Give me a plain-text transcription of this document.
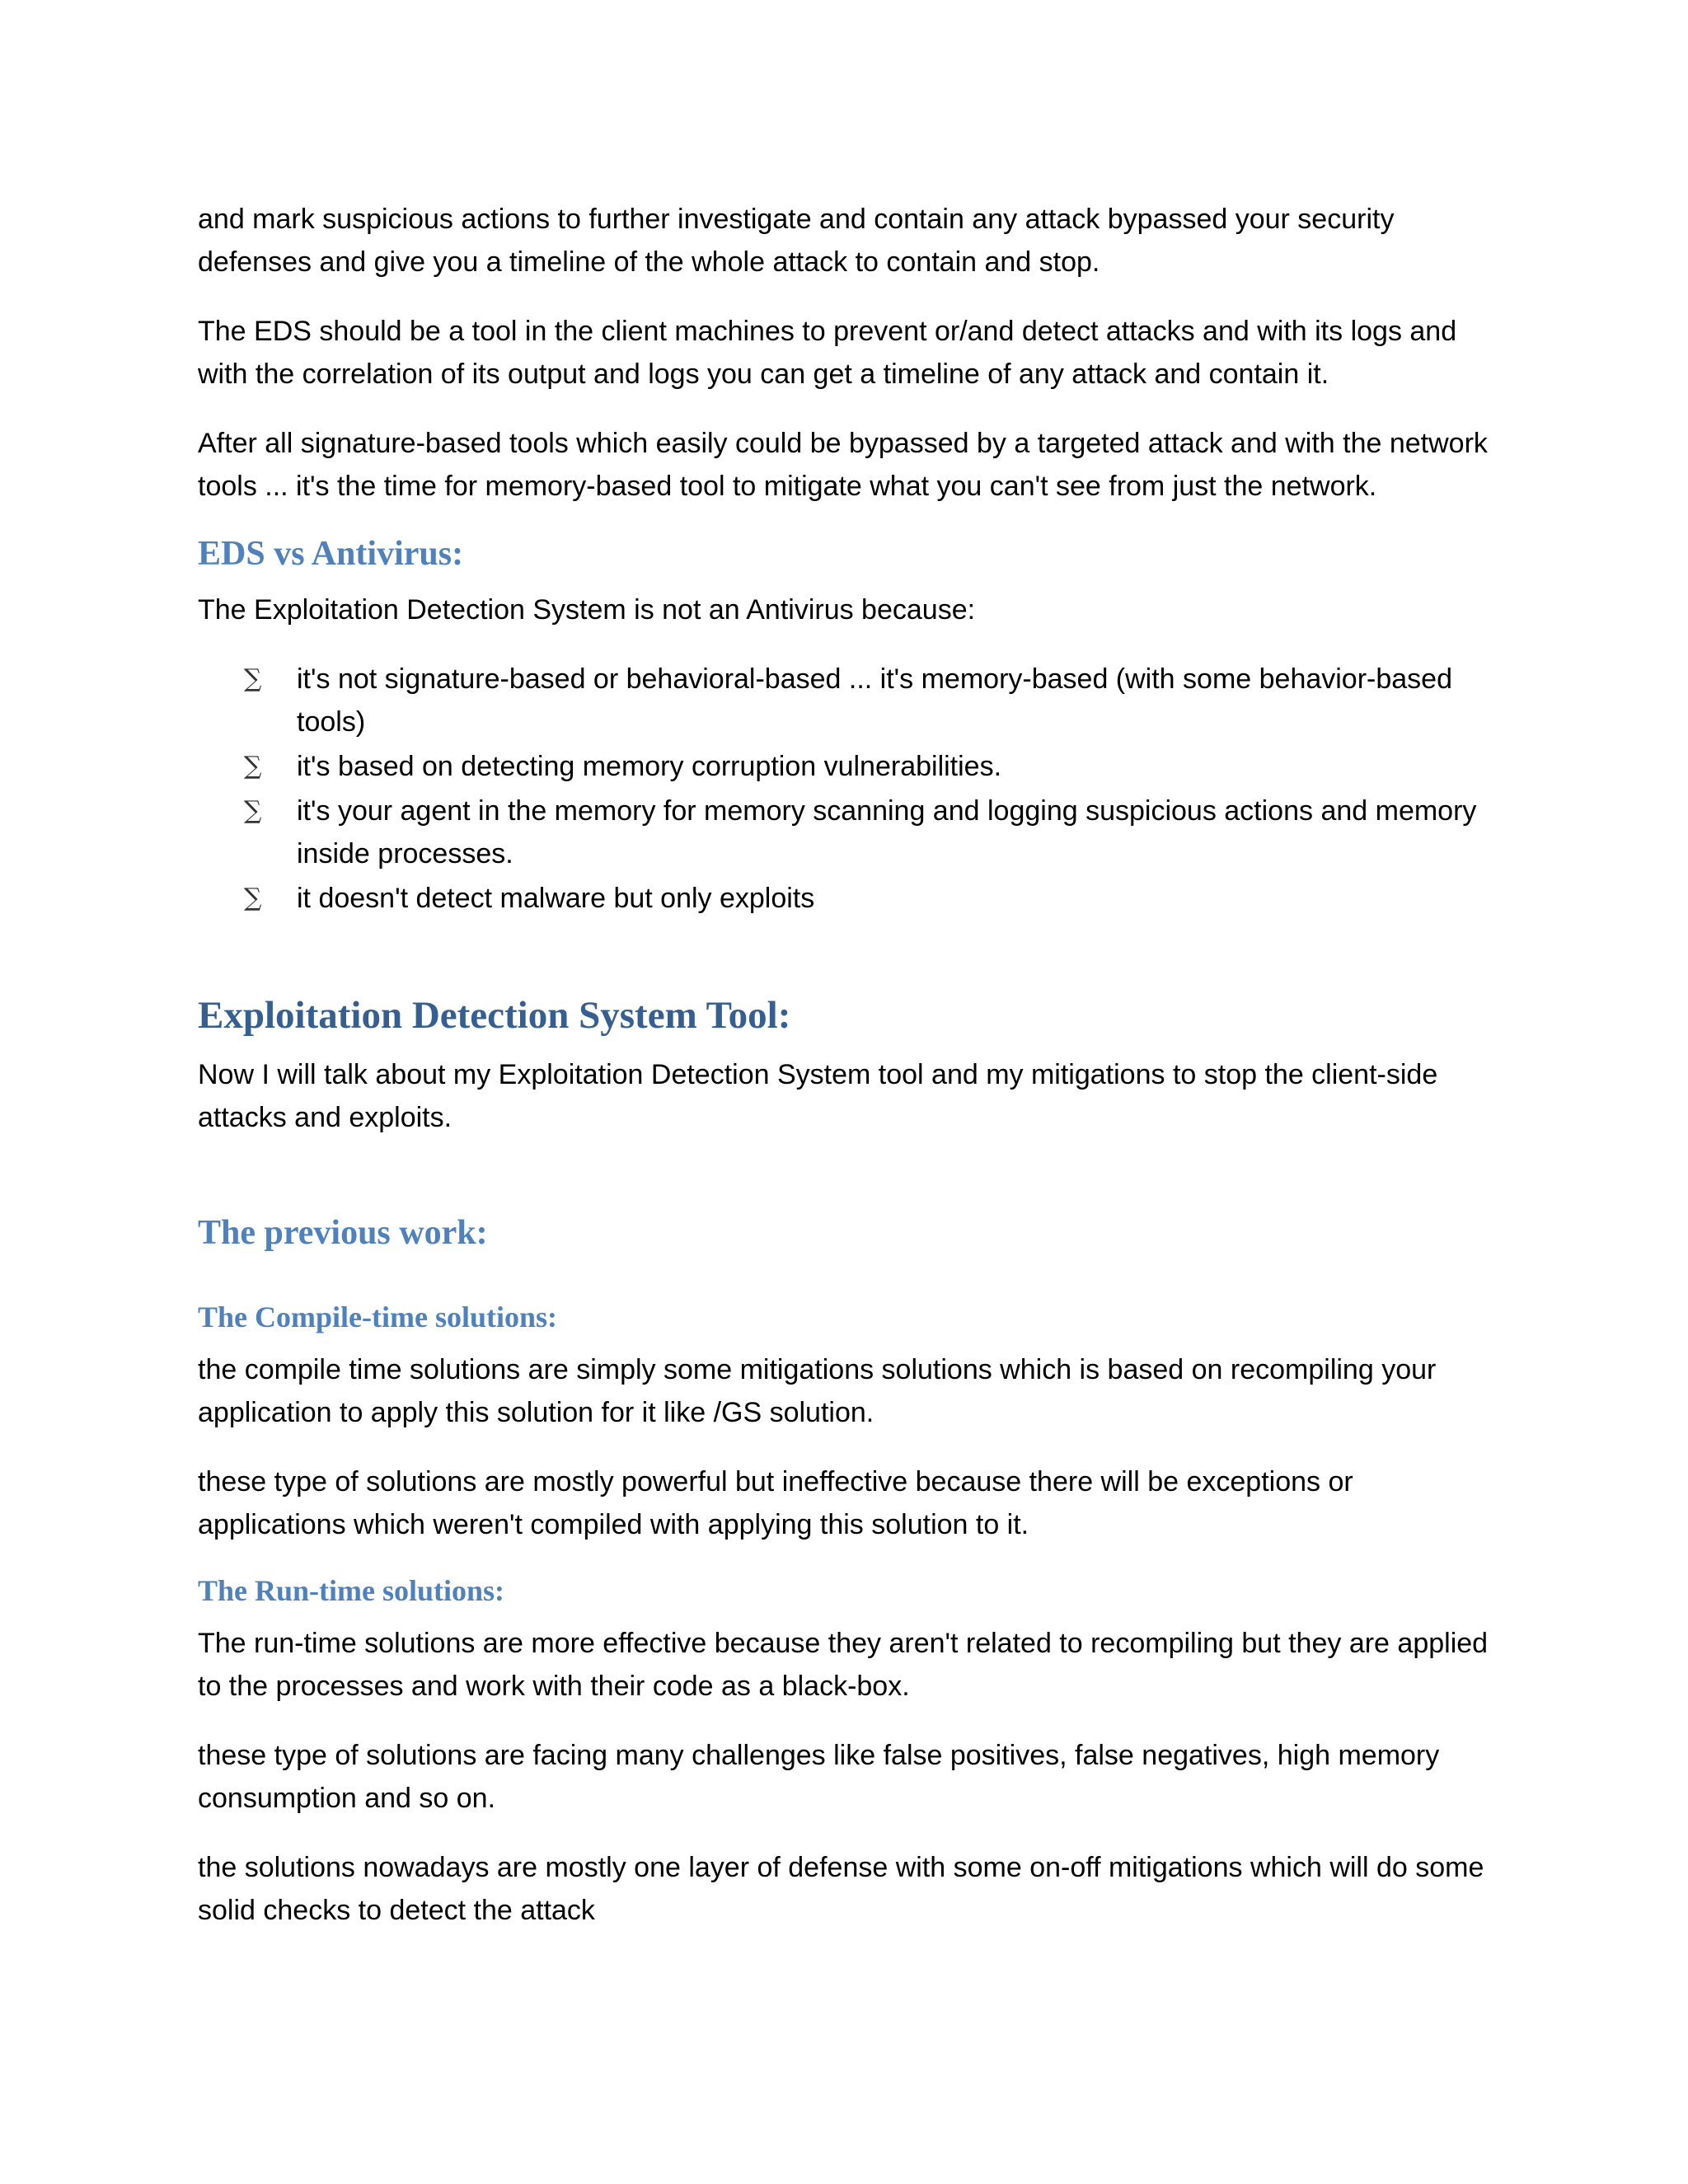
and mark suspicious actions to further investigate and contain any attack bypassed your security defenses and give you a timeline of the whole attack to contain and stop.

The EDS should be a tool in the client machines to prevent or/and detect attacks and with its logs and with the correlation of its output and logs you can get a timeline of any attack and contain it.

After all signature-based tools which easily could be bypassed by a targeted attack and with the network tools ... it's the time for memory-based tool to mitigate what you can't see from just the network.

EDS vs Antivirus:

The Exploitation Detection System is not an Antivirus because:

∑ it's not signature-based or behavioral-based ... it's memory-based (with some behavior-based tools)
∑ it's based on detecting memory corruption vulnerabilities.
∑ it's your agent in the memory for memory scanning and logging suspicious actions and memory inside processes.
∑ it doesn't detect malware but only exploits
Exploitation Detection System Tool:

Now I will talk about my Exploitation Detection System tool and my mitigations to stop the client-side attacks and exploits.

The previous work:
The Compile-time solutions:

the compile time solutions are simply some mitigations solutions which is based on recompiling your application to apply this solution for it like /GS solution.

these type of solutions are mostly powerful but ineffective because there will be exceptions or applications which weren't compiled with applying this solution to it.

The Run-time solutions:

The run-time solutions are more effective because they aren't related to recompiling but they are applied to the processes and work with their code as a black-box.

these type of solutions are facing many challenges like false positives, false negatives, high memory consumption and so on.

the solutions nowadays are mostly one layer of defense with some on-off mitigations which will do some solid checks to detect the attack
